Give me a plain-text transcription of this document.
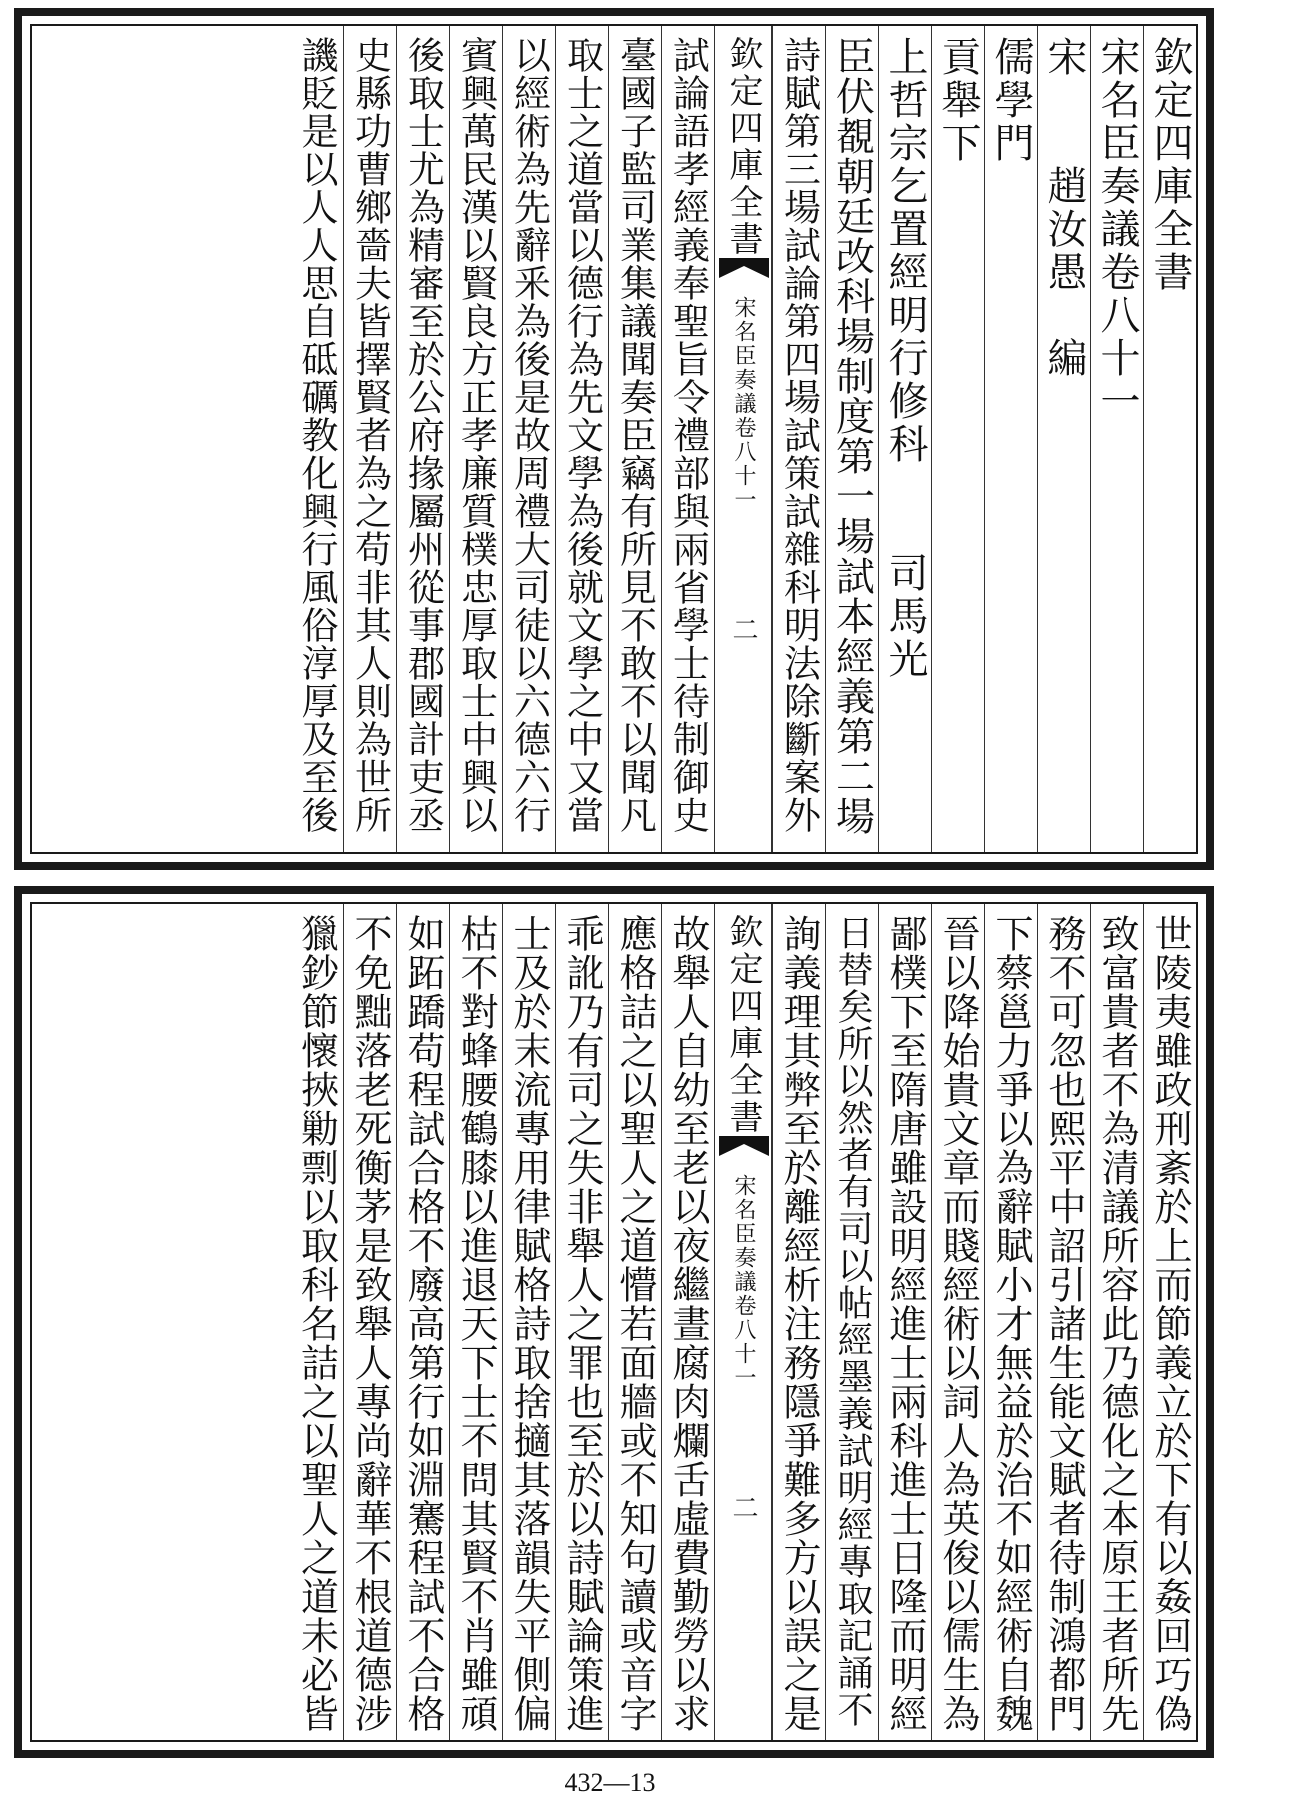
欽定四庫全書
宋名臣奏議卷八十一
宋　　趙汝愚　編
儒學門
貢舉下
上哲宗乞置經明行修科　　司馬光
臣伏覩朝廷改科場制度第一場試本經義第二場
詩賦第三場試論第四場試策試雜科明法除斷案外
欽定四庫全書
宋名臣奏議卷八十一
二
試論語孝經義奉聖旨令禮部與兩省學士待制御史
臺國子監司業集議聞奏臣竊有所見不敢不以聞凡
取士之道當以德行為先文學為後就文學之中又當
以經術為先辭釆為後是故周禮大司徒以六德六行
賓興萬民漢以賢良方正孝廉質樸忠厚取士中興以
後取士尤為精審至於公府掾屬州從事郡國計吏丞
史縣功曹鄉嗇夫皆擇賢者為之苟非其人則為世所
譏貶是以人人思自砥礪教化興行風俗淳厚及至後
世陵夷雖政刑紊於上而節義立於下有以姦回巧偽
致富貴者不為清議所容此乃德化之本原王者所先
務不可忽也熙平中詔引諸生能文賦者待制鴻都門
下蔡邕力爭以為辭賦小才無益於治不如經術自魏
晉以降始貴文章而賤經術以詞人為英俊以儒生為
鄙樸下至隋唐雖設明經進士兩科進士日隆而明經
日替矣所以然者有司以帖經墨義試明經專取記誦不
詢義理其弊至於離經析注務隱爭難多方以誤之是
欽定四庫全書
宋名臣奏議卷八十一
二
故舉人自幼至老以夜繼晝腐肉爛舌虛費勤勞以求
應格詰之以聖人之道懵若面牆或不知句讀或音字
乖訛乃有司之失非舉人之罪也至於以詩賦論策進
士及於末流專用律賦格詩取捨擿其落韻失平側偏
枯不對蜂腰鶴膝以進退天下士不問其賢不肖雖頑
如跖蹻苟程試合格不廢高第行如淵騫程試不合格
不免黜落老死衡茅是致舉人專尚辭華不根道德涉
獵鈔節懷挾勦剽以取科名詰之以聖人之道未必皆
432—13
